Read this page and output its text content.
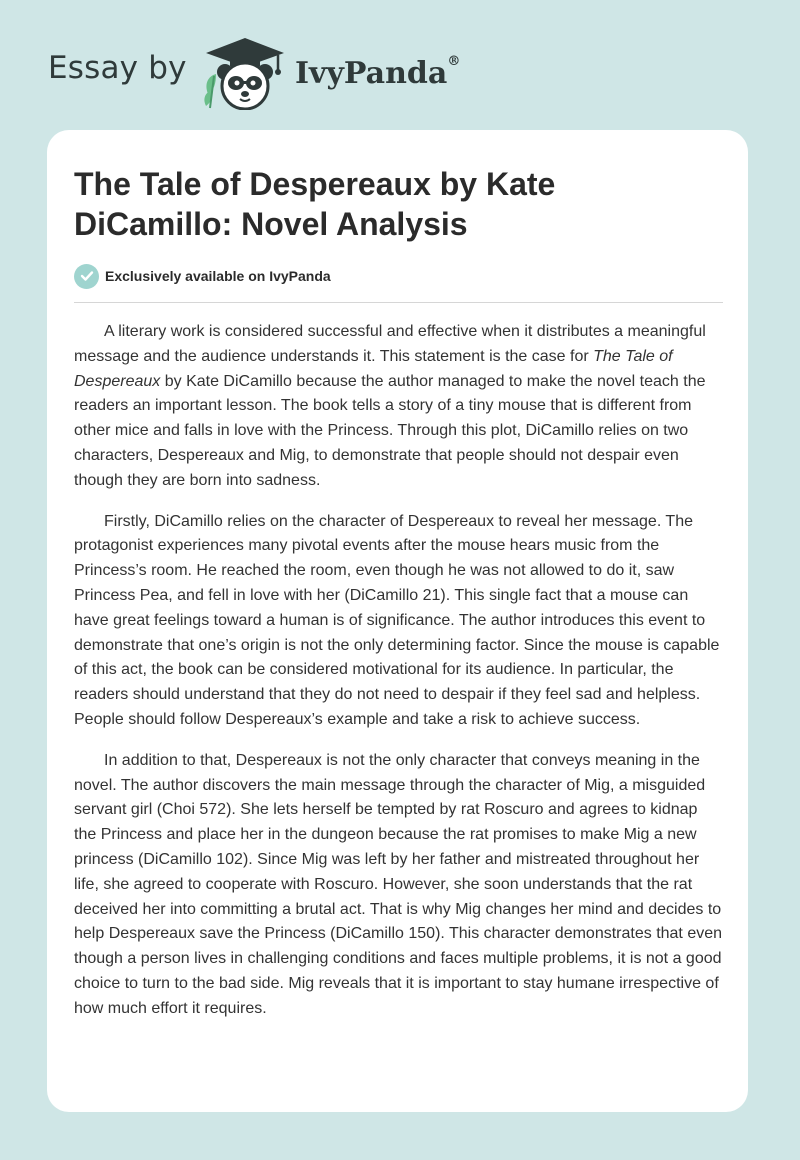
Essay by	IvyPanda®
The Tale of Despereaux by Kate DiCamillo: Novel Analysis
Exclusively available on IvyPanda

A literary work is considered successful and effective when it distributes a meaningful message and the audience understands it. This statement is the case for The Tale of Despereaux by Kate DiCamillo because the author managed to make the novel teach the readers an important lesson. The book tells a story of a tiny mouse that is different from other mice and falls in love with the Princess. Through this plot, DiCamillo relies on two characters, Despereaux and Mig, to demonstrate that people should not despair even though they are born into sadness.

Firstly, DiCamillo relies on the character of Despereaux to reveal her message. The protagonist experiences many pivotal events after the mouse hears music from the Princess’s room. He reached the room, even though he was not allowed to do it, saw Princess Pea, and fell in love with her (DiCamillo 21). This single fact that a mouse can have great feelings toward a human is of significance. The author introduces this event to demonstrate that one’s origin is not the only determining factor. Since the mouse is capable of this act, the book can be considered motivational for its audience. In particular, the readers should understand that they do not need to despair if they feel sad and helpless. People should follow Despereaux’s example and take a risk to achieve success.

In addition to that, Despereaux is not the only character that conveys meaning in the novel. The author discovers the main message through the character of Mig, a misguided servant girl (Choi 572). She lets herself be tempted by rat Roscuro and agrees to kidnap the Princess and place her in the dungeon because the rat promises to make Mig a new princess (DiCamillo 102). Since Mig was left by her father and mistreated throughout her life, she agreed to cooperate with Roscuro. However, she soon understands that the rat deceived her into committing a brutal act. That is why Mig changes her mind and decides to help Despereaux save the Princess (DiCamillo 150). This character demonstrates that even though a person lives in challenging conditions and faces multiple problems, it is not a good choice to turn to the bad side. Mig reveals that it is important to stay humane irrespective of how much effort it requires.
